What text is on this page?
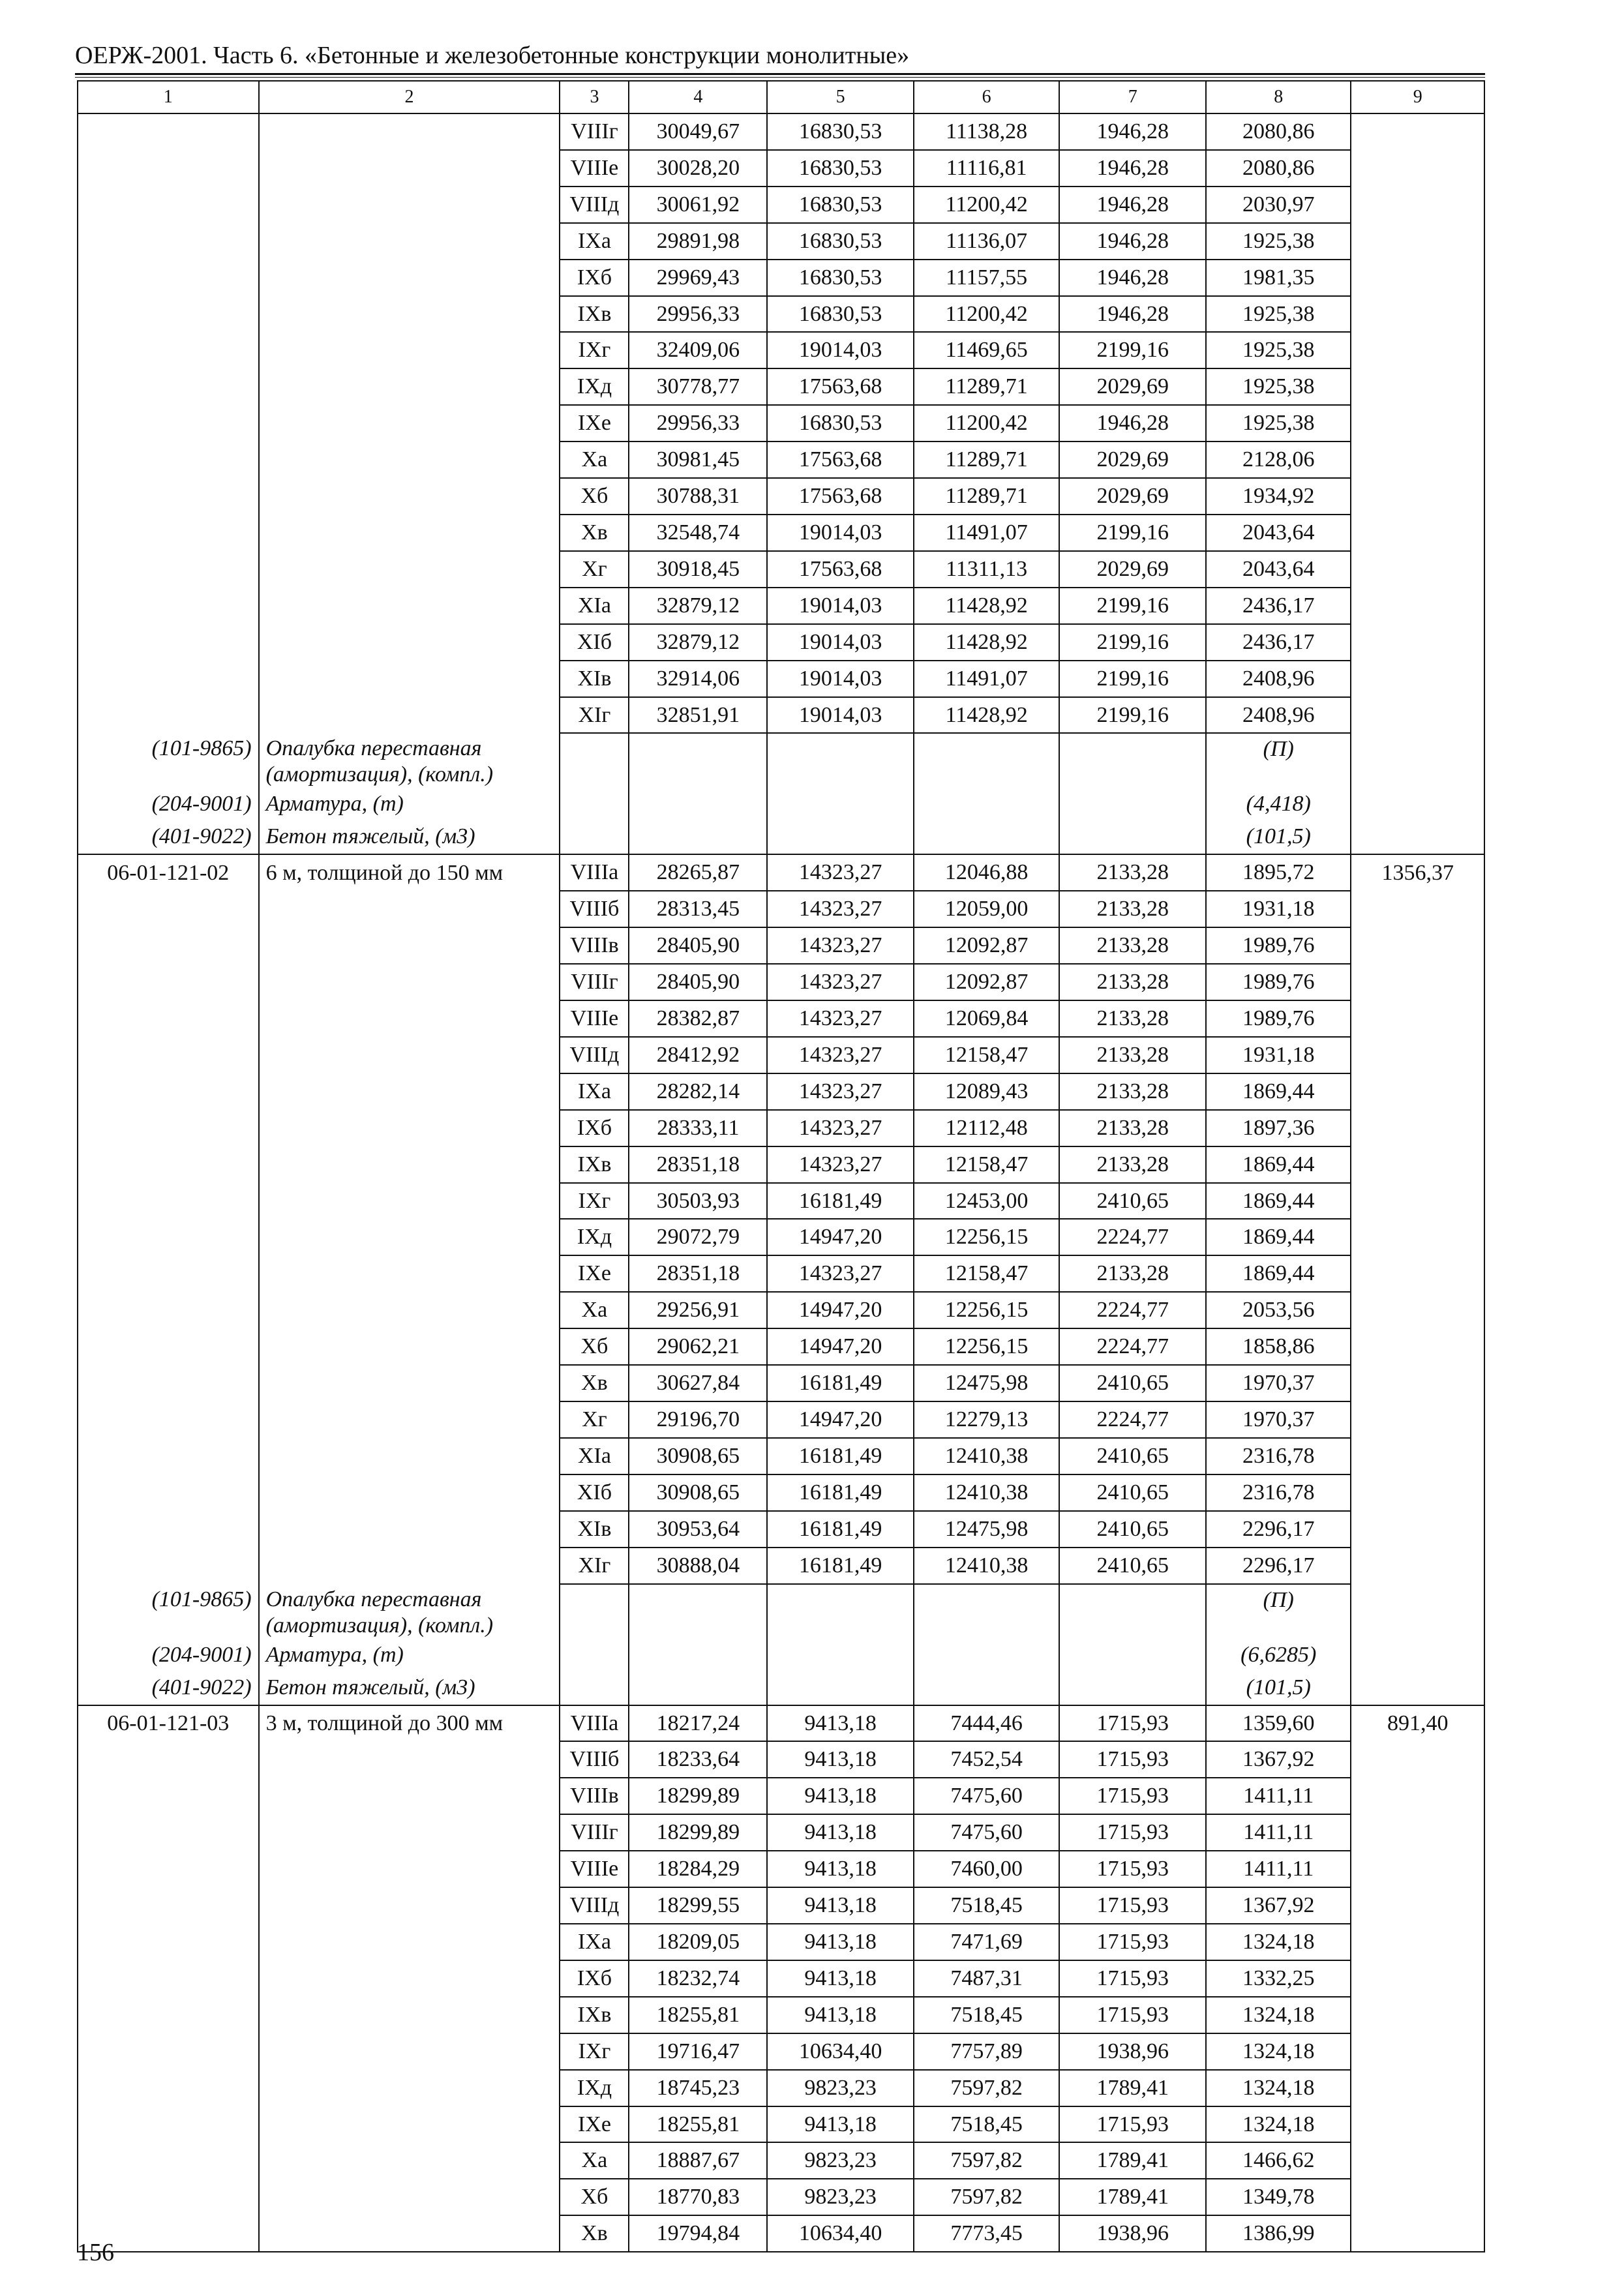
ОЕРЖ-2001. Часть 6. «Бетонные и железобетонные конструкции монолитные»
1	2	3	4	5	6	7	8	9
		VIIIг	30049,67	16830,53	11138,28	1946,28	2080,86	
		VIIIе	30028,20	16830,53	11116,81	1946,28	2080,86	
		VIIIд	30061,92	16830,53	11200,42	1946,28	2030,97	
		IXа	29891,98	16830,53	11136,07	1946,28	1925,38	
		IXб	29969,43	16830,53	11157,55	1946,28	1981,35	
		IXв	29956,33	16830,53	11200,42	1946,28	1925,38	
		IXг	32409,06	19014,03	11469,65	2199,16	1925,38	
		IXд	30778,77	17563,68	11289,71	2029,69	1925,38	
		IXе	29956,33	16830,53	11200,42	1946,28	1925,38	
		Xа	30981,45	17563,68	11289,71	2029,69	2128,06	
		Xб	30788,31	17563,68	11289,71	2029,69	1934,92	
		Xв	32548,74	19014,03	11491,07	2199,16	2043,64	
		Xг	30918,45	17563,68	11311,13	2029,69	2043,64	
		XIа	32879,12	19014,03	11428,92	2199,16	2436,17	
		XIб	32879,12	19014,03	11428,92	2199,16	2436,17	
		XIв	32914,06	19014,03	11491,07	2199,16	2408,96	
		XIг	32851,91	19014,03	11428,92	2199,16	2408,96	
(101-9865)	Опалубка переставная (амортизация), (компл.)						(П)	
(204-9001)	Арматура, (т)						(4,418)	
(401-9022)	Бетон тяжелый, (м3)						(101,5)	
06-01-121-02	6 м, толщиной до 150 мм	VIIIа	28265,87	14323,27	12046,88	2133,28	1895,72	1356,37
		VIIIб	28313,45	14323,27	12059,00	2133,28	1931,18	
		VIIIв	28405,90	14323,27	12092,87	2133,28	1989,76	
		VIIIг	28405,90	14323,27	12092,87	2133,28	1989,76	
		VIIIе	28382,87	14323,27	12069,84	2133,28	1989,76	
		VIIIд	28412,92	14323,27	12158,47	2133,28	1931,18	
		IXа	28282,14	14323,27	12089,43	2133,28	1869,44	
		IXб	28333,11	14323,27	12112,48	2133,28	1897,36	
		IXв	28351,18	14323,27	12158,47	2133,28	1869,44	
		IXг	30503,93	16181,49	12453,00	2410,65	1869,44	
		IXд	29072,79	14947,20	12256,15	2224,77	1869,44	
		IXе	28351,18	14323,27	12158,47	2133,28	1869,44	
		Xа	29256,91	14947,20	12256,15	2224,77	2053,56	
		Xб	29062,21	14947,20	12256,15	2224,77	1858,86	
		Xв	30627,84	16181,49	12475,98	2410,65	1970,37	
		Xг	29196,70	14947,20	12279,13	2224,77	1970,37	
		XIа	30908,65	16181,49	12410,38	2410,65	2316,78	
		XIб	30908,65	16181,49	12410,38	2410,65	2316,78	
		XIв	30953,64	16181,49	12475,98	2410,65	2296,17	
		XIг	30888,04	16181,49	12410,38	2410,65	2296,17	
(101-9865)	Опалубка переставная (амортизация), (компл.)						(П)	
(204-9001)	Арматура, (т)						(6,6285)	
(401-9022)	Бетон тяжелый, (м3)						(101,5)	
06-01-121-03	3 м, толщиной до 300 мм	VIIIа	18217,24	9413,18	7444,46	1715,93	1359,60	891,40
		VIIIб	18233,64	9413,18	7452,54	1715,93	1367,92	
		VIIIв	18299,89	9413,18	7475,60	1715,93	1411,11	
		VIIIг	18299,89	9413,18	7475,60	1715,93	1411,11	
		VIIIе	18284,29	9413,18	7460,00	1715,93	1411,11	
		VIIIд	18299,55	9413,18	7518,45	1715,93	1367,92	
		IXа	18209,05	9413,18	7471,69	1715,93	1324,18	
		IXб	18232,74	9413,18	7487,31	1715,93	1332,25	
		IXв	18255,81	9413,18	7518,45	1715,93	1324,18	
		IXг	19716,47	10634,40	7757,89	1938,96	1324,18	
		IXд	18745,23	9823,23	7597,82	1789,41	1324,18	
		IXе	18255,81	9413,18	7518,45	1715,93	1324,18	
		Xа	18887,67	9823,23	7597,82	1789,41	1466,62	
		Xб	18770,83	9823,23	7597,82	1789,41	1349,78	
		Xв	19794,84	10634,40	7773,45	1938,96	1386,99	
156
